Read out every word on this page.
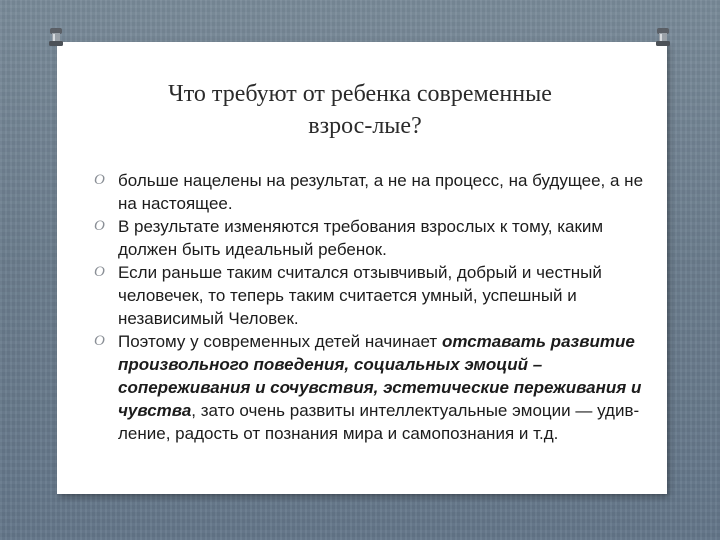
Что требуют от ребенка современные
взрос-лые?
O больше нацелены на результат, а не на процесс, на будущее, а не на настоящее.
O В результате изменяются требования взрослых к тому, каким должен быть идеальный ребенок.
O Если раньше таким считался отзывчивый, добрый и честный человечек, то теперь таким считается умный, успешный и независимый Человек.
O Поэтому у современных детей начинает отставать развитие произвольного поведения, социальных эмоций – сопереживания и сочувствия, эстетические переживания и чувства, зато очень развиты интеллектуальные эмоции — удив-ление, радость от познания мира и самопознания и т.д.
